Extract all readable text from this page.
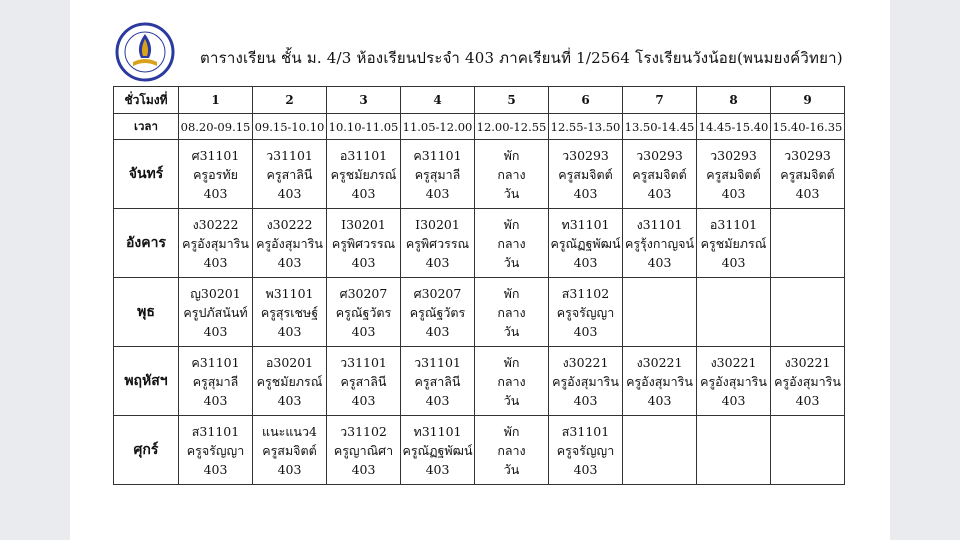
ตารางเรียน ชั้น ม. 4/3 ห้องเรียนประจำ 403 ภาคเรียนที่ 1/2564 โรงเรียนวังน้อย(พนมยงค์วิทยา)
ชั่วโมงที่	1	2	3	4	5	6	7	8	9
เวลา	08.20-09.15	09.15-10.10	10.10-11.05	11.05-12.00	12.00-12.55	12.55-13.50	13.50-14.45	14.45-15.40	15.40-16.35
จันทร์	ศ31101
ครูอรทัย
403	ว31101
ครูสาลินี
403	อ31101
ครูชมัยภรณ์
403	ค31101
ครูสุมาลี
403	พัก
กลาง
วัน	ว30293
ครูสมจิตต์
403	ว30293
ครูสมจิตต์
403	ว30293
ครูสมจิตต์
403	ว30293
ครูสมจิตต์
403

อังคาร	ง30222
ครูอังสุมาริน
403	ง30222
ครูอังสุมาริน
403	I30201
ครูพิศวรรณ
403	I30201
ครูพิศวรรณ
403	พัก
กลาง
วัน	ท31101
ครูณัฏฐพัฒน์
403	ง31101
ครูรุ้งกาญจน์
403	อ31101
ครูชมัยภรณ์
403	

พุธ	ญ30201
ครูปภัสนันท์
403	พ31101
ครูสุรเชษฐ์
403	ศ30207
ครูณัฐวัตร
403	ศ30207
ครูณัฐวัตร
403	พัก
กลาง
วัน	ส31102
ครูจรัญญา
403			

พฤหัสฯ	ค31101
ครูสุมาลี
403	อ30201
ครูชมัยภรณ์
403	ว31101
ครูสาลินี
403	ว31101
ครูสาลินี
403	พัก
กลาง
วัน	ง30221
ครูอังสุมาริน
403	ง30221
ครูอังสุมาริน
403	ง30221
ครูอังสุมาริน
403	ง30221
ครูอังสุมาริน
403

ศุกร์	ส31101
ครูจรัญญา
403	แนะแนว4
ครูสมจิตต์
403	ว31102
ครูญาณิศา
403	ท31101
ครูณัฏฐพัฒน์
403	พัก
กลาง
วัน	ส31101
ครูจรัญญา
403			
